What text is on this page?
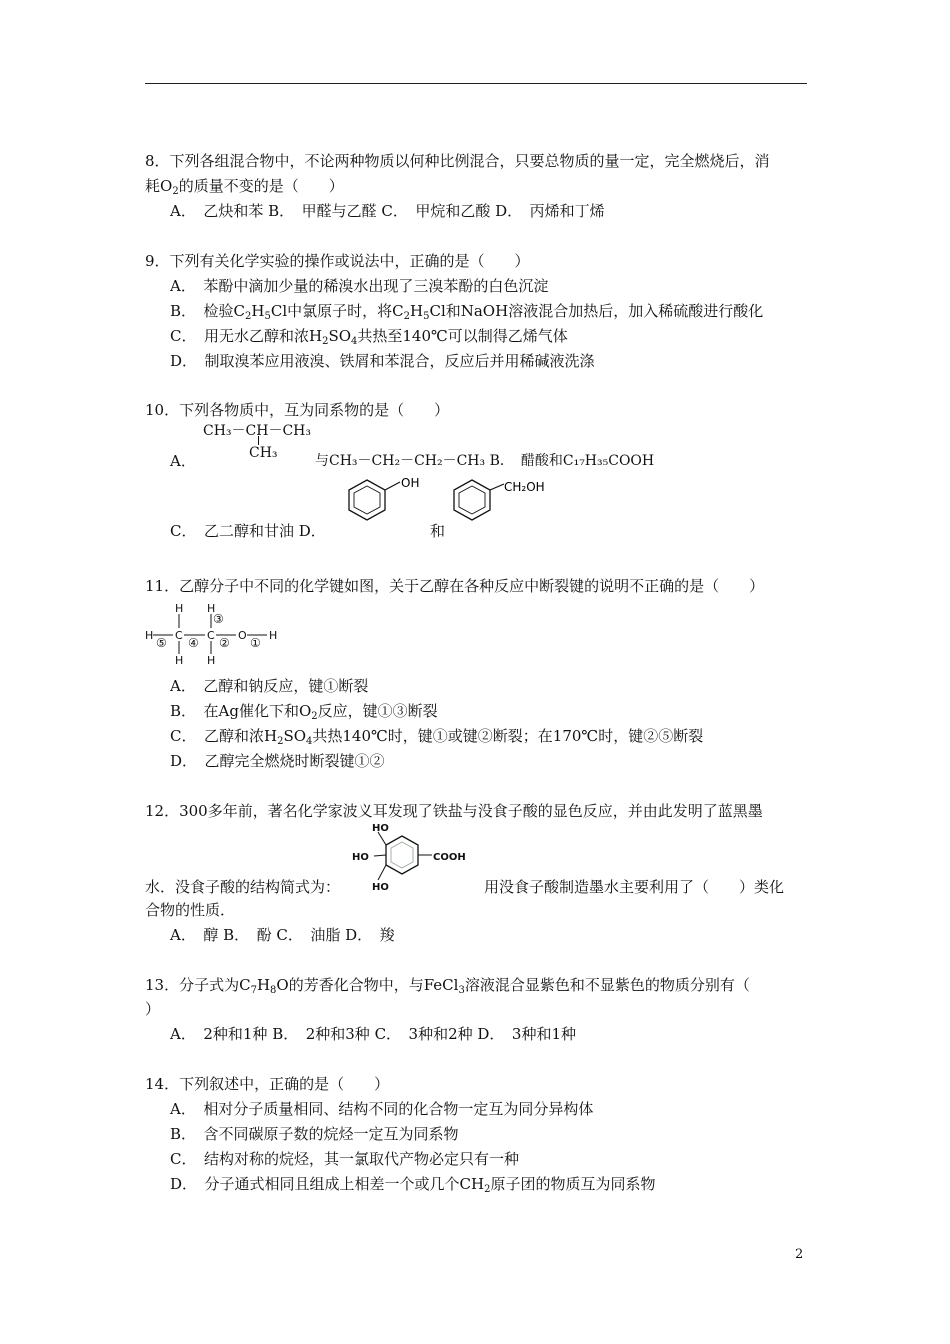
8．下列各组混合物中，不论两种物质以何种比例混合，只要总物质的量一定，完全燃烧后，消
耗$O_2$的质量不变的是（　　）
A．　乙炔和苯 B．　甲醛与乙醛 C．　甲烷和乙酸 D．　丙烯和丁烯
9．下列有关化学实验的操作或说法中，正确的是（　　）
A．　苯酚中滴加少量的稀溴水出现了三溴苯酚的白色沉淀
B．　检验$C_2H_5Cl$中氯原子时，将$C_2H_5Cl$和NaOH溶液混合加热后，加入稀硫酸进行酸化
C．　用无水乙醇和浓$H_2SO_4$共热至140℃可以制得乙烯气体
D．　制取溴苯应用液溴、铁屑和苯混合，反应后并用稀碱液洗涤
10．下列各物质中，互为同系物的是（　　）
CH₃－CH－CH₃
CH₃
A．	与CH₃－CH₂－CH₂－CH₃ B．　醋酸和C₁₇H₃₅COOH
OH	CH₂OH
C．　乙二醇和甘油 D．	和
11．乙醇分子中不同的化学键如图，关于乙醇在各种反应中断裂键的说明不正确的是（　　）
H H
H C C O H
H H
③
⑤ ④ ② ①
A．　乙醇和钠反应，键①断裂
B．　在Ag催化下和$O_2$反应，键①③断裂
C．　乙醇和浓$H_2SO_4$共热140℃时，键①或键②断裂；在170℃时，键②⑤断裂
D．　乙醇完全燃烧时断裂键①②
12．300多年前，著名化学家波义耳发现了铁盐与没食子酸的显色反应，并由此发明了蓝黑墨
HO
HO
HO
COOH
水．没食子酸的结构简式为：	用没食子酸制造墨水主要利用了（　　）类化
合物的性质．
A．　醇 B．　酚 C．　油脂 D．　羧
13．分子式为$C_7H_8O$的芳香化合物中，与FeCl$_3$溶液混合显紫色和不显紫色的物质分别有（
）
A．　2种和1种 B．　2种和3种 C．　3种和2种 D．　3种和1种
14．下列叙述中，正确的是（　　）
A．　相对分子质量相同、结构不同的化合物一定互为同分异构体
B．　含不同碳原子数的烷烃一定互为同系物
C．　结构对称的烷烃，其一氯取代产物必定只有一种
D．　分子通式相同且组成上相差一个或几个$CH_2$原子团的物质互为同系物
2
